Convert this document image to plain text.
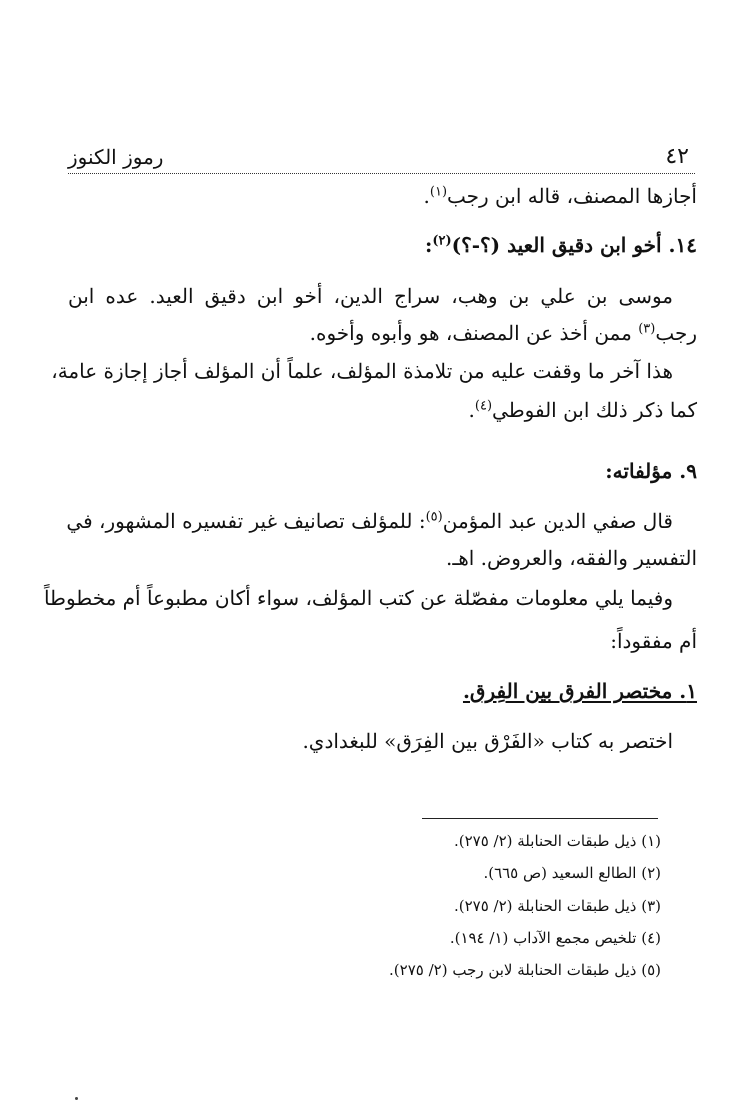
٤٢
رموز الكنوز
أجازها المصنف، قاله ابن رجب$^{(١)}$.
١٤. أخو ابن دقيق العيد (؟-؟)$^{(٢)}$:
موسى بن علي بن وهب، سراج الدين، أخو ابن دقيق العيد. عده ابن
رجب$^{(٣)}$ ممن أخذ عن المصنف، هو وأبوه وأخوه.
هذا آخر ما وقفت عليه من تلامذة المؤلف، علماً أن المؤلف أجاز إجازة عامة،
كما ذكر ذلك ابن الفوطي$^{(٤)}$.
٩. مؤلفاته:
قال صفي الدين عبد المؤمن$^{(٥)}$: للمؤلف تصانيف غير تفسيره المشهور، في
التفسير والفقه، والعروض. اهـ.
وفيما يلي معلومات مفصّلة عن كتب المؤلف، سواء أكان مطبوعاً أم مخطوطاً
أم مفقوداً:
١. مختصر الفرق بين الفِرق.
اختصر به كتاب «الفَرْق بين الفِرَق» للبغدادي.
(١) ذيل طبقات الحنابلة (٢/ ٢٧٥).
(٢) الطالع السعيد (ص ٦٦٥).
(٣) ذيل طبقات الحنابلة (٢/ ٢٧٥).
(٤) تلخيص مجمع الآداب (١/ ١٩٤).
(٥) ذيل طبقات الحنابلة لابن رجب (٢/ ٢٧٥).
